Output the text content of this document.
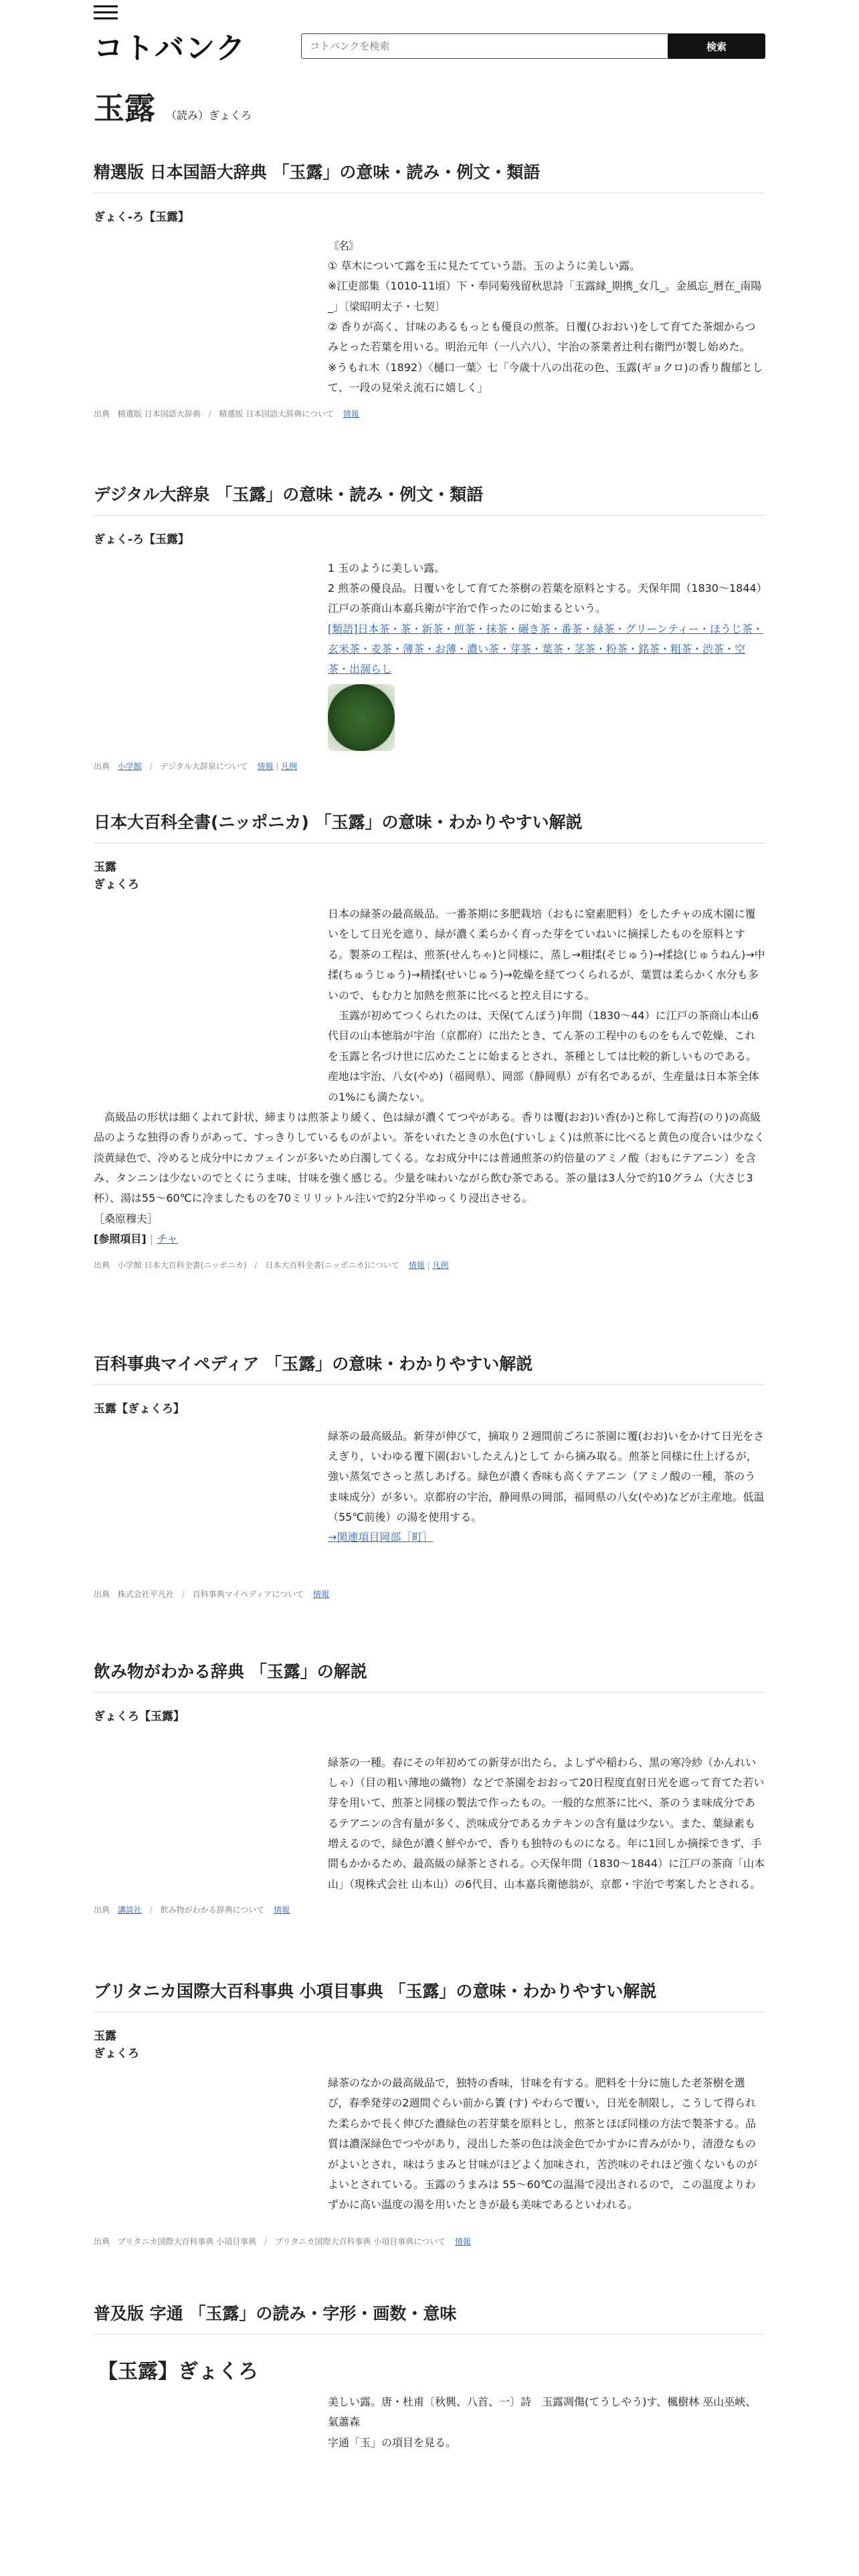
コトバンク
コトバンクを検索	検索
玉露 （読み）ぎょくろ
精選版 日本国語大辞典 「玉露」の意味・読み・例文・類語
ぎょく‐ろ【玉露】

〘名〙

① 草木について露を玉に見たてていう語。玉のように美しい露。

※江吏部集（1010‐11頃）下・奉同菊残留秋思詩「玉露縁_期携_女几_。金風忘_暦在_南陽_」〔梁昭明太子・七契〕

② 香りが高く、甘味のあるもっとも優良の煎茶。日覆(ひおおい)をして育てた茶畑からつみとった若葉を用いる。明治元年（一八六八）、宇治の茶業者辻利右衛門が製し始めた。

※うもれ木（1892）〈樋口一葉〉七「今歳十八の出花の色、玉露(ギョクロ)の香り馥郁として、一段の見栄え流石に嬉しく」

出典 精選版 日本国語大辞典 / 精選版 日本国語大辞典について 情報
デジタル大辞泉 「玉露」の意味・読み・例文・類語
ぎょく‐ろ【玉露】

1 玉のように美しい露。

2 煎茶の優良品。日覆いをして育てた茶樹の若葉を原料とする。天保年間（1830～1844）江戸の茶商山本嘉兵衛が宇治で作ったのに始まるという。

[類語]日本茶・茶・新茶・煎茶・抹茶・碾き茶・番茶・緑茶・グリーンティー・ほうじ茶・玄米茶・麦茶・薄茶・お薄・濃い茶・芽茶・葉茶・茎茶・粉茶・銘茶・粗茶・渋茶・空茶・出涸らし

出典 小学館 / デジタル大辞泉について 情報 | 凡例
日本大百科全書(ニッポニカ) 「玉露」の意味・わかりやすい解説
玉露
ぎょくろ

日本の緑茶の最高級品。一番茶期に多肥栽培（おもに窒素肥料）をしたチャの成木園に覆いをして日光を遮り、緑が濃く柔らかく育った芽をていねいに摘採したものを原料とする。製茶の工程は、煎茶(せんちゃ)と同様に、蒸し→粗揉(そじゅう)→揉捻(じゅうねん)→中揉(ちゅうじゅう)→精揉(せいじゅう)→乾燥を経てつくられるが、葉質は柔らかく水分も多いので、もむ力と加熱を煎茶に比べると控え目にする。

玉露が初めてつくられたのは、天保(てんぽう)年間（1830～44）に江戸の茶商山本山6代目の山本徳翁が宇治（京都府）に出たとき、てん茶の工程中のものをもんで乾燥、これを玉露と名づけ世に広めたことに始まるとされ、茶種としては比較的新しいものである。産地は宇治、八女(やめ)（福岡県）、岡部（静岡県）が有名であるが、生産量は日本茶全体の1%にも満たない。

高級品の形状は細くよれて針状、締まりは煎茶より緩く、色は緑が濃くてつやがある。香りは覆(おお)い香(か)と称して海苔(のり)の高級品のような独得の香りがあって、すっきりしているものがよい。茶をいれたときの水色(すいしょく)は煎茶に比べると黄色の度合いは少なく淡黄緑色で、冷めると成分中にカフェインが多いため白濁してくる。なお成分中には普通煎茶の約倍量のアミノ酸（おもにテアニン）を含み、タンニンは少ないのでとくにうま味、甘味を強く感じる。少量を味わいながら飲む茶である。茶の量は3人分で約10グラム（大さじ3杯）、湯は55～60℃に冷ましたものを70ミリリットル注いで約2分半ゆっくり浸出させる。
［桑原穆夫］
[参照項目] | チャ
出典 小学館 日本大百科全書(ニッポニカ) / 日本大百科全書(ニッポニカ)について 情報 | 凡例
百科事典マイペディア 「玉露」の意味・わかりやすい解説
玉露【ぎょくろ】

緑茶の最高級品。新芽が伸びて，摘取り２週間前ごろに茶園に覆(おお)いをかけて日光をさえぎり，いわゆる覆下園(おいしたえん)として から摘み取る。煎茶と同様に仕上げるが，強い蒸気でさっと蒸しあげる。緑色が濃く香味も高くテアニン（アミノ酸の一種，茶のうま味成分）が多い。京都府の宇治，静岡県の岡部，福岡県の八女(やめ)などが主産地。低温（55℃前後）の湯を使用する。

→関連項目岡部［町］

出典 株式会社平凡社 / 百科事典マイペディアについて 情報
飲み物がわかる辞典 「玉露」の解説
ぎょくろ【玉露】

緑茶の一種。春にその年初めての新芽が出たら、よしずや稲わら、黒の寒冷紗（かんれいしゃ）（目の粗い薄地の織物）などで茶園をおおって20日程度直射日光を遮って育てた若い芽を用いて、煎茶と同様の製法で作ったもの。一般的な煎茶に比べ、茶のうま味成分であるテアニンの含有量が多く、渋味成分であるカテキンの含有量は少ない。また、葉緑素も増えるので、緑色が濃く鮮やかで、香りも独特のものになる。年に1回しか摘採できず、手間もかかるため、最高級の緑茶とされる。◇天保年間（1830～1844）に江戸の茶商「山本山」（現株式会社 山本山）の6代目、山本嘉兵衛徳翁が、京都・宇治で考案したとされる。

出典 講談社 / 飲み物がわかる辞典について 情報
ブリタニカ国際大百科事典 小項目事典 「玉露」の意味・わかりやすい解説
玉露
ぎょくろ

緑茶のなかの最高級品で，独特の香味，甘味を有する。肥料を十分に施した老茶樹を選び，春季発芽の2週間ぐらい前から簀 (す) やわらで覆い，日光を制限し，こうして得られた柔らかで長く伸びた濃緑色の若芽葉を原料とし，煎茶とほぼ同様の方法で製茶する。品質は濃深緑色でつやがあり，浸出した茶の色は淡金色でかすかに青みがかり，清澄なものがよいとされ，味はうまみと甘味がほどよく加味され，苦渋味のそれほど強くないものがよいとされている。玉露のうまみは 55～60℃の温湯で浸出されるので，この温度よりわずかに高い温度の湯を用いたときが最も美味であるといわれる。

出典 ブリタニカ国際大百科事典 小項目事典 / ブリタニカ国際大百科事典 小項目事典について 情報
普及版 字通 「玉露」の読み・字形・画数・意味
【玉露】ぎょくろ

美しい露。唐・杜甫〔秋興、八首、一〕詩　玉露凋傷(てうしやう)す、楓樹林 巫山巫峽、氣蕭森

字通「玉」の項目を見る。
